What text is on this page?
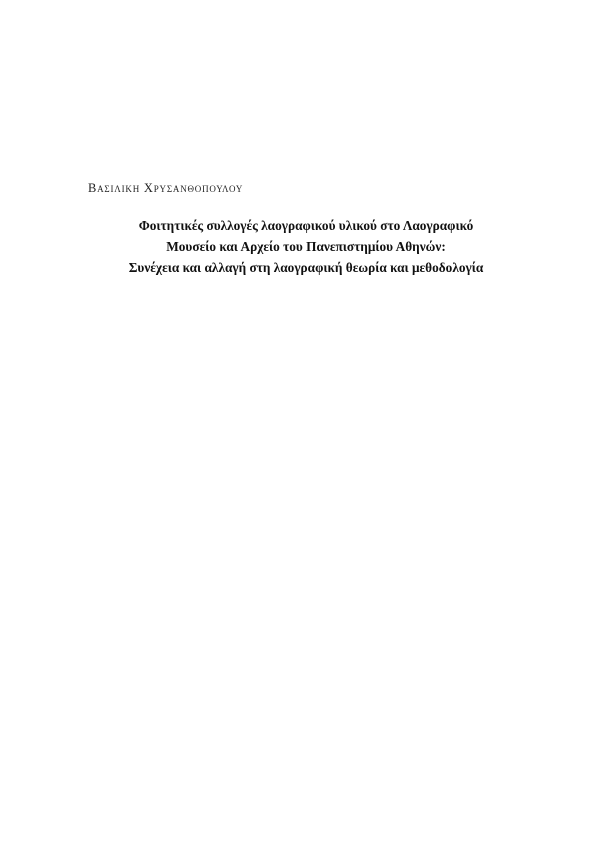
Βασιλικη Χρυσανθοπουλου
Φοιτητικές συλλογές λαογραφικού υλικού στο Λαογραφικό
Μουσείο και Αρχείο του Πανεπιστημίου Αθηνών:
Συνέχεια και αλλαγή στη λαογραφική θεωρία και μεθοδολογία
